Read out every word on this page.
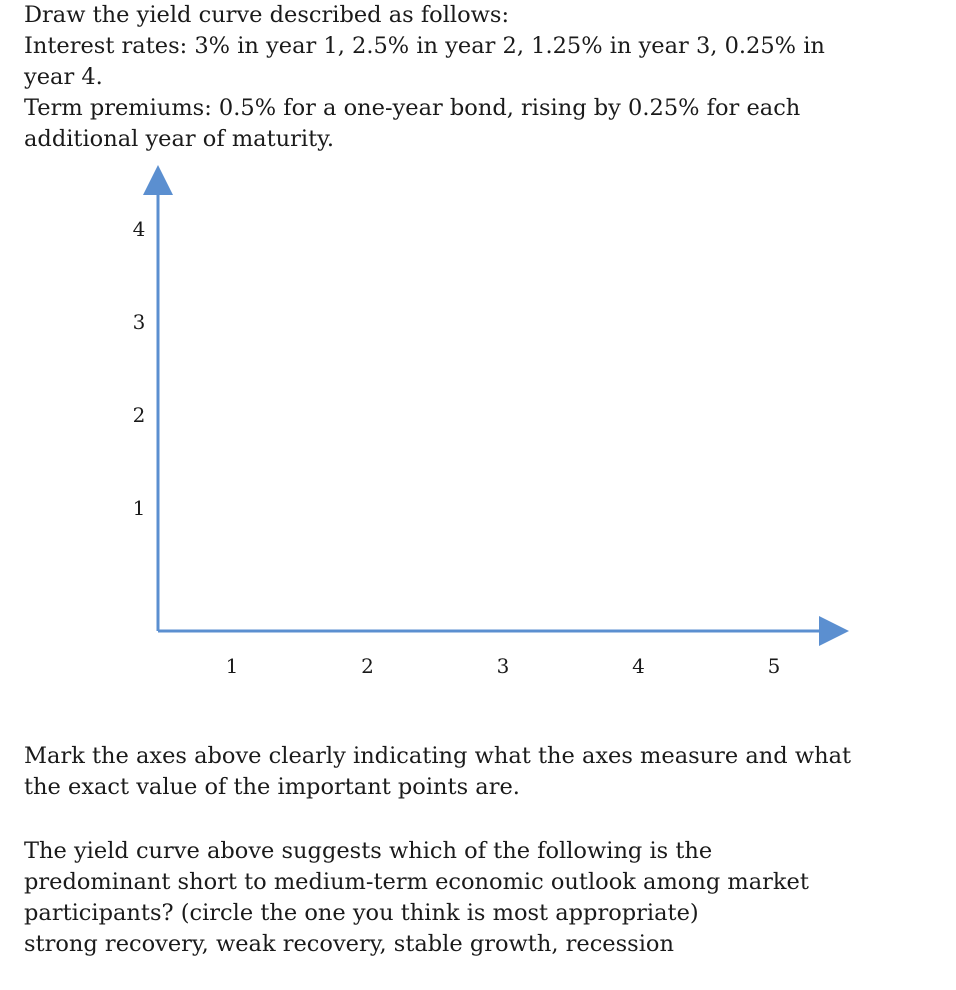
Draw the yield curve described as follows:
Interest rates: 3% in year 1, 2.5% in year 2, 1.25% in year 3, 0.25% in
year 4.
Term premiums: 0.5% for a one-year bond, rising by 0.25% for each
additional year of maturity.

1
2
3
4
1	2	3	4	5

Mark the axes above clearly indicating what the axes measure and what
the exact value of the important points are.

The yield curve above suggests which of the following is the
predominant short to medium-term economic outlook among market
participants? (circle the one you think is most appropriate)
strong recovery, weak recovery, stable growth, recession
